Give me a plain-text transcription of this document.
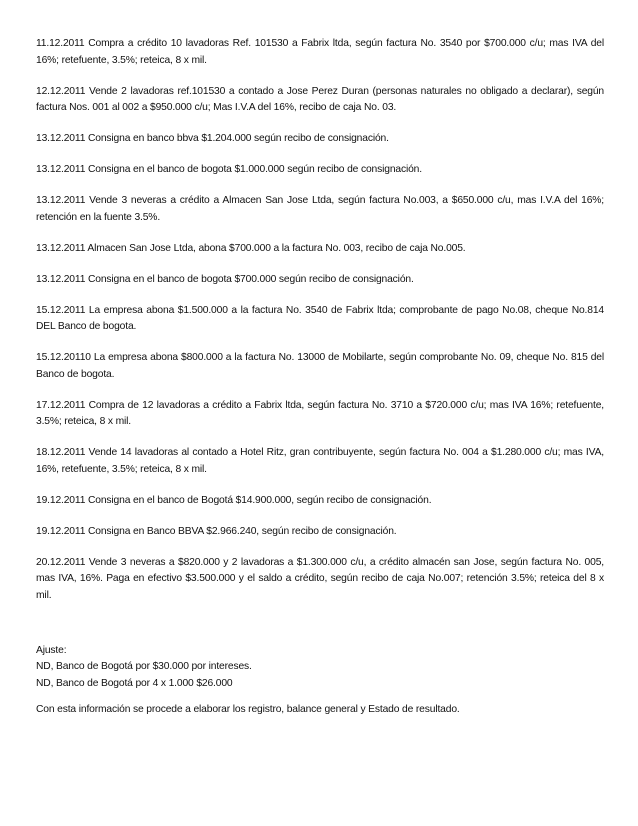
11.12.2011 Compra a crédito 10 lavadoras Ref. 101530 a Fabrix ltda, según factura No. 3540 por $700.000 c/u; mas IVA del 16%; retefuente, 3.5%; reteica, 8 x mil.

12.12.2011 Vende 2 lavadoras ref.101530 a contado a Jose Perez Duran (personas naturales no obligado a declarar), según factura Nos. 001 al 002 a $950.000 c/u; Mas I.V.A del 16%, recibo de caja No. 03.

13.12.2011 Consigna en banco bbva $1.204.000 según recibo de consignación.

13.12.2011 Consigna en el banco de bogota $1.000.000 según recibo de consignación.

13.12.2011 Vende 3 neveras a crédito a Almacen San Jose Ltda, según factura No.003, a $650.000 c/u, mas I.V.A del 16%; retención en la fuente 3.5%.

13.12.2011 Almacen San Jose Ltda, abona $700.000 a la factura No. 003, recibo de caja No.005.

13.12.2011 Consigna en el banco de bogota $700.000 según recibo de consignación.

15.12.2011 La empresa abona $1.500.000 a la factura No. 3540 de Fabrix ltda; comprobante de pago No.08, cheque No.814 DEL Banco de bogota.

15.12.20110 La empresa abona $800.000 a la factura No. 13000 de Mobilarte, según comprobante No. 09, cheque No. 815 del Banco de bogota.

17.12.2011 Compra de 12 lavadoras a crédito a Fabrix ltda, según factura No. 3710 a $720.000 c/u; mas IVA 16%; retefuente, 3.5%; reteica, 8 x mil.

18.12.2011 Vende 14 lavadoras al contado a Hotel Ritz, gran contribuyente, según factura No. 004 a $1.280.000 c/u; mas IVA, 16%, retefuente, 3.5%; reteica, 8 x mil.

19.12.2011 Consigna en el banco de Bogotá $14.900.000, según recibo de consignación.

19.12.2011 Consigna en Banco BBVA $2.966.240, según recibo de consignación.

20.12.2011 Vende 3 neveras a $820.000 y 2 lavadoras a $1.300.000 c/u, a crédito almacén san Jose, según factura No. 005, mas IVA, 16%. Paga en efectivo $3.500.000 y el saldo a crédito, según recibo de caja No.007; retención 3.5%; reteica del 8 x mil.

Ajuste:
ND, Banco de Bogotá por $30.000 por intereses.
ND, Banco de Bogotá por 4 x 1.000 $26.000

Con esta información se procede a elaborar los registro, balance general y Estado de resultado.
